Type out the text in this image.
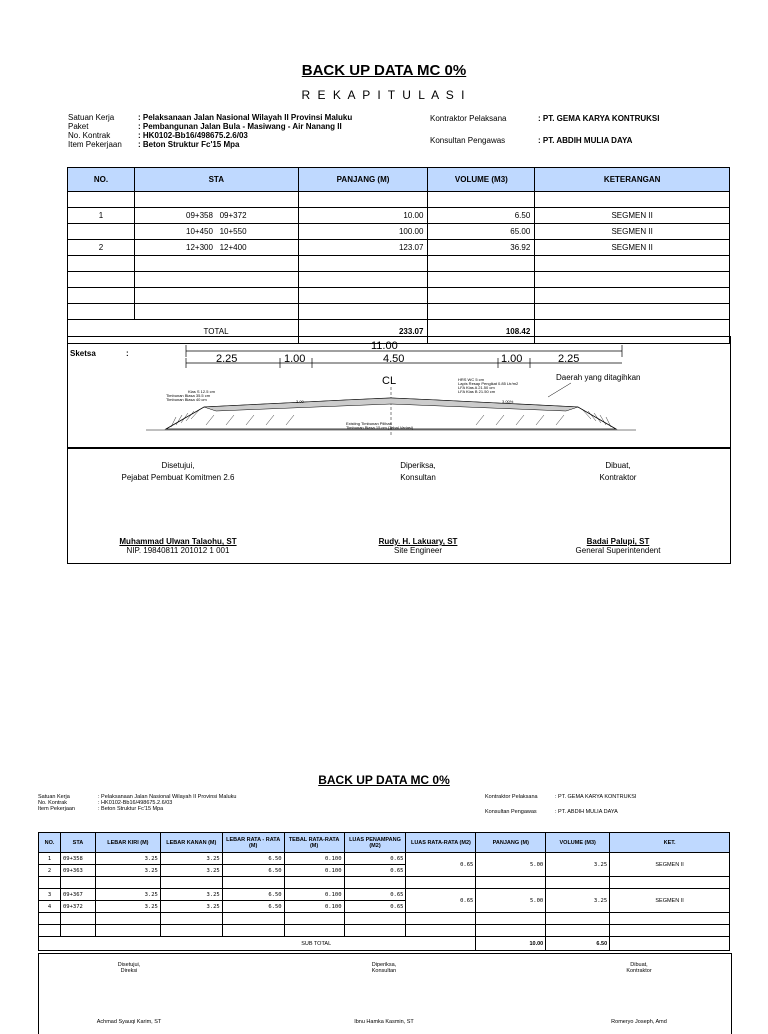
BACK UP DATA MC 0%
R E K A P I T U L A S I
Satuan Kerja	: Pelaksanaan Jalan Nasional Wilayah II Provinsi Maluku
Paket	: Pembangunan Jalan Bula - Masiwang - Air Nanang II
No. Kontrak	: HK0102-Bb16/498675.2.6/03
Item Pekerjaan	: Beton Struktur Fc'15 Mpa
Kontraktor Pelaksana	: PT. GEMA KARYA KONTRUKSI
Konsultan Pengawas	: PT. ABDIH MULIA DAYA
NO.	STA	PANJANG (M)	VOLUME (M3)	KETERANGAN

1	09+358 09+372	10.00	6.50	SEGMEN II
	10+450 10+550	100.00	65.00	SEGMEN II
2	12+300 12+400	123.07	36.92	SEGMEN II

	TOTAL	233.07	108.42	
Sketsa	:
11.00
2.25	1.00	4.50	1.00	2.25
CL
Klas S 12.5 cm
Timbunan Biasa 35.5 cm
Timbunan Biasa 40 cm
HRS WC 5 cm
Lapis Resap Pengikat 0.85 Ltr/m2
LFA Klas A 21.50 cm
LFA Klas B 21.50 cm
Existing Timbunan Pilihan
Timbunan Biasa 15 cm (Tebal Variasi)
3.00	3.00%
Daerah yang ditagihkan
Disetujui,
Pejabat Pembuat Komitmen 2.6
Diperiksa,
Konsultan
Dibuat,
Kontraktor
Muhammad Ulwan Talaohu, ST
NIP. 19840811 201012 1 001
Rudy. H. Lakuary, ST
Site Engineer
Badai Palupi, ST
General Superintendent
BACK UP DATA MC 0%
Satuan Kerja	: Pelaksanaan Jalan Nasional Wilayah II Provinsi Maluku
No. Kontrak	: HK0102-Bb16/498675.2.6/03
Item Pekerjaan	: Beton Struktur Fc'15 Mpa
Kontraktor Pelaksana	: PT. GEMA KARYA KONTRUKSI
Konsultan Pengawas	: PT. ABDIH MULIA DAYA
NO.	STA	LEBAR KIRI (M)	LEBAR KANAN (M)	LEBAR RATA - RATA (M)	TEBAL RATA-RATA (M)	LUAS PENAMPANG (M2)	LUAS RATA-RATA (M2)	PANJANG (M)	VOLUME (M3)	KET.
1	09+358	3.25	3.25	6.50	0.100	0.65	0.65	5.00	3.25	SEGMEN II
2	09+363	3.25	3.25	6.50	0.100	0.65				

3	09+367	3.25	3.25	6.50	0.100	0.65	0.65	5.00	3.25	SEGMEN II
4	09+372	3.25	3.25	6.50	0.100	0.65				

SUB TOTAL								10.00	6.50	
Disetujui,
Direksi
Diperiksa,
Konsultan
Dibuat,
Kontraktor
Achmad Syauqi Karim, ST	Ibnu Hamka Kasmin, ST	Romeryo Joseph, Amd
